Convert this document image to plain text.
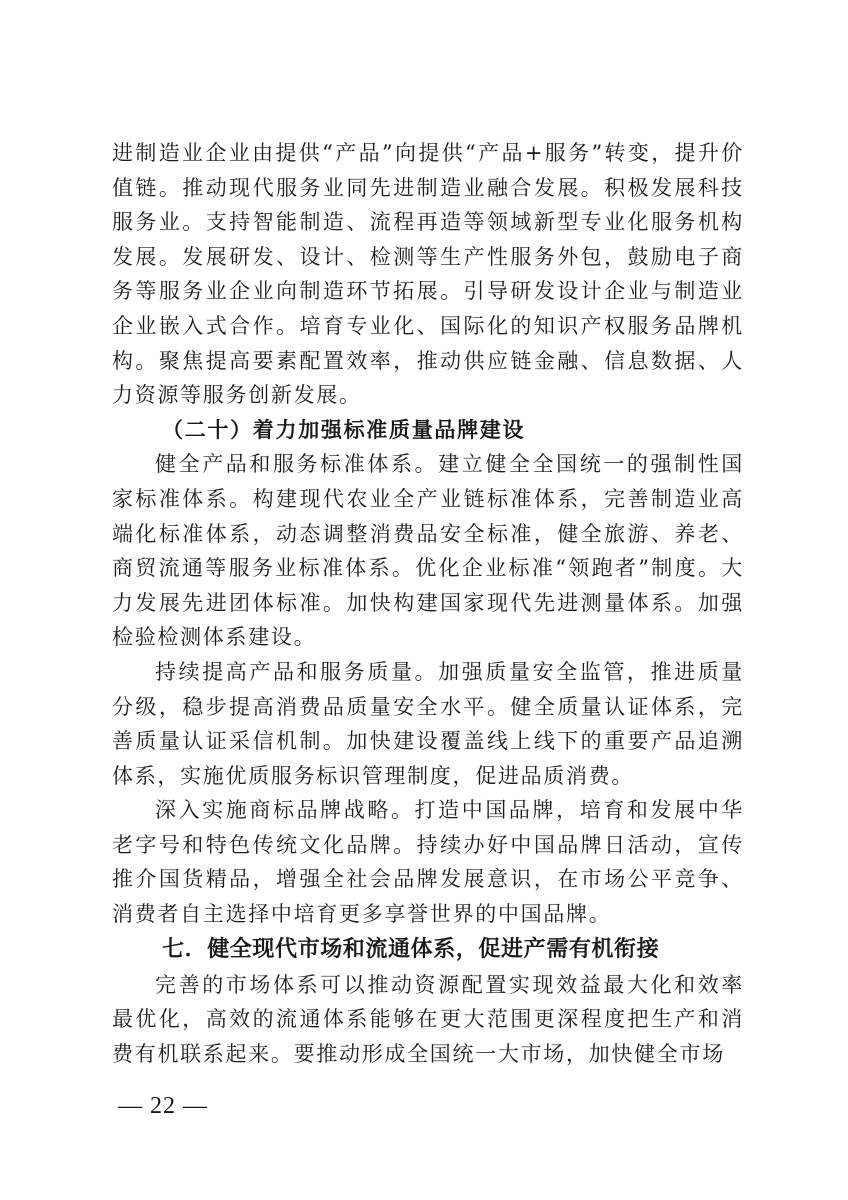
进制造业企业由提供“产品”向提供“产品+服务”转变，提升价值链。推动现代服务业同先进制造业融合发展。积极发展科技服务业。支持智能制造、流程再造等领域新型专业化服务机构发展。发展研发、设计、检测等生产性服务外包，鼓励电子商务等服务业企业向制造环节拓展。引导研发设计企业与制造业企业嵌入式合作。培育专业化、国际化的知识产权服务品牌机构。聚焦提高要素配置效率，推动供应链金融、信息数据、人力资源等服务创新发展。

（二十）着力加强标准质量品牌建设

健全产品和服务标准体系。建立健全全国统一的强制性国家标准体系。构建现代农业全产业链标准体系，完善制造业高端化标准体系，动态调整消费品安全标准，健全旅游、养老、商贸流通等服务业标准体系。优化企业标准“领跑者”制度。大力发展先进团体标准。加快构建国家现代先进测量体系。加强检验检测体系建设。

持续提高产品和服务质量。加强质量安全监管，推进质量分级，稳步提高消费品质量安全水平。健全质量认证体系，完善质量认证采信机制。加快建设覆盖线上线下的重要产品追溯体系，实施优质服务标识管理制度，促进品质消费。

深入实施商标品牌战略。打造中国品牌，培育和发展中华老字号和特色传统文化品牌。持续办好中国品牌日活动，宣传推介国货精品，增强全社会品牌发展意识，在市场公平竞争、消费者自主选择中培育更多享誉世界的中国品牌。

七．健全现代市场和流通体系，促进产需有机衔接

完善的市场体系可以推动资源配置实现效益最大化和效率最优化，高效的流通体系能够在更大范围更深程度把生产和消费有机联系起来。要推动形成全国统一大市场，加快健全市场

— 22 —
